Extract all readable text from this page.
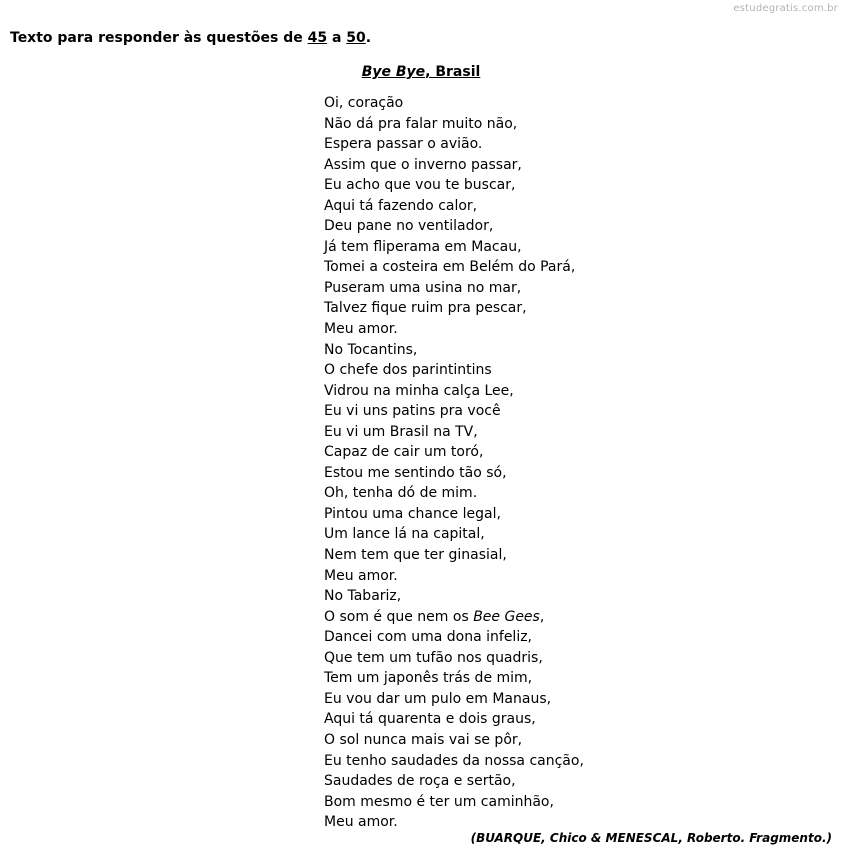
estudegratis.com.br
Texto para responder às questões de 45 a 50.
Bye Bye, Brasil
Oi, coração
Não dá pra falar muito não,
Espera passar o avião.
Assim que o inverno passar,
Eu acho que vou te buscar,
Aqui tá fazendo calor,
Deu pane no ventilador,
Já tem fliperama em Macau,
Tomei a costeira em Belém do Pará,
Puseram uma usina no mar,
Talvez fique ruim pra pescar,
Meu amor.
No Tocantins,
O chefe dos parintintins
Vidrou na minha calça Lee,
Eu vi uns patins pra você
Eu vi um Brasil na TV,
Capaz de cair um toró,
Estou me sentindo tão só,
Oh, tenha dó de mim.
Pintou uma chance legal,
Um lance lá na capital,
Nem tem que ter ginasial,
Meu amor.
No Tabariz,
O som é que nem os Bee Gees,
Dancei com uma dona infeliz,
Que tem um tufão nos quadris,
Tem um japonês trás de mim,
Eu vou dar um pulo em Manaus,
Aqui tá quarenta e dois graus,
O sol nunca mais vai se pôr,
Eu tenho saudades da nossa canção,
Saudades de roça e sertão,
Bom mesmo é ter um caminhão,
Meu amor.
(BUARQUE, Chico & MENESCAL, Roberto. Fragmento.)
